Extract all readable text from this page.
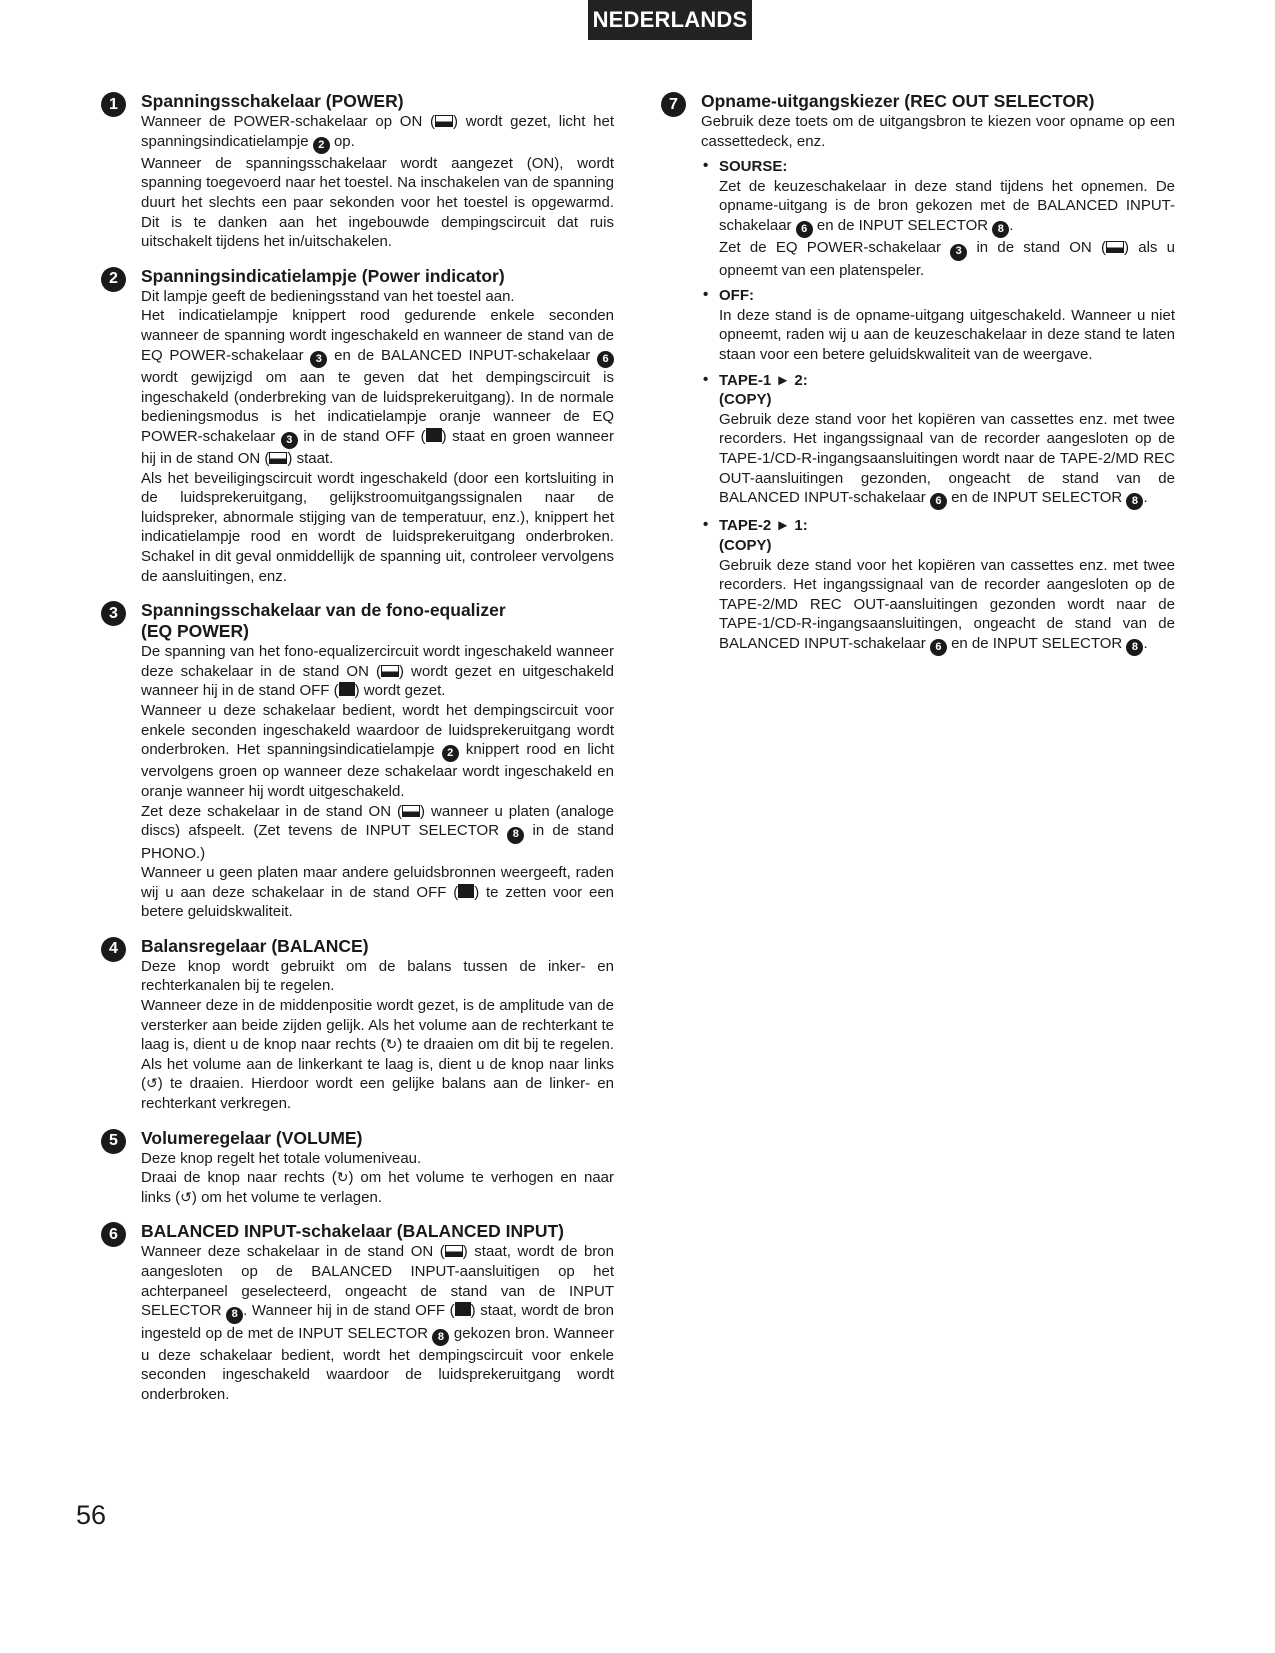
NEDERLANDS
1	Spanningsschakelaar (POWER)

Wanneer de POWER-schakelaar op ON ( ) wordt gezet, licht het spanningsindicatielampje 2 op.
Wanneer de spanningsschakelaar wordt aangezet (ON), wordt spanning toegevoerd naar het toestel. Na inschakelen van de spanning duurt het slechts een paar sekonden voor het toestel is opgewarmd. Dit is te danken aan het ingebouwde dempingscircuit dat ruis uitschakelt tijdens het in/uitschakelen.

2	Spanningsindicatielampje (Power indicator)

Dit lampje geeft de bedieningsstand van het toestel aan.
Het indicatielampje knippert rood gedurende enkele seconden wanneer de spanning wordt ingeschakeld en wanneer de stand van de EQ POWER-schakelaar 3 en de BALANCED INPUT-schakelaar 6 wordt gewijzigd om aan te geven dat het dempingscircuit is ingeschakeld (onderbreking van de luidsprekeruitgang). In de normale bedieningsmodus is het indicatielampje oranje wanneer de EQ POWER-schakelaar 3 in de stand OFF ( ) staat en groen wanneer hij in de stand ON ( ) staat.
Als het beveiligingscircuit wordt ingeschakeld (door een kortsluiting in de luidsprekeruitgang, gelijkstroomuitgangssignalen naar de luidspreker, abnormale stijging van de temperatuur, enz.), knippert het indicatielampje rood en wordt de luidsprekeruitgang onderbroken. Schakel in dit geval onmiddellijk de spanning uit, controleer vervolgens de aansluitingen, enz.

3	Spanningsschakelaar van de fono-equalizer

(EQ POWER)

De spanning van het fono-equalizercircuit wordt ingeschakeld wanneer deze schakelaar in de stand ON ( ) wordt gezet en uitgeschakeld wanneer hij in de stand OFF ( ) wordt gezet.
Wanneer u deze schakelaar bedient, wordt het dempingscircuit voor enkele seconden ingeschakeld waardoor de luidsprekeruitgang wordt onderbroken. Het spanningsindicatielampje 2 knippert rood en licht vervolgens groen op wanneer deze schakelaar wordt ingeschakeld en oranje wanneer hij wordt uitgeschakeld.
Zet deze schakelaar in de stand ON ( ) wanneer u platen (analoge discs) afspeelt. (Zet tevens de INPUT SELECTOR 8 in de stand PHONO.)
Wanneer u geen platen maar andere geluidsbronnen weergeeft, raden wij u aan deze schakelaar in de stand OFF ( ) te zetten voor een betere geluidskwaliteit.

4	Balansregelaar (BALANCE)

Deze knop wordt gebruikt om de balans tussen de inker- en rechterkanalen bij te regelen.
Wanneer deze in de middenpositie wordt gezet, is de amplitude van de versterker aan beide zijden gelijk. Als het volume aan de rechterkant te laag is, dient u de knop naar rechts (↻) te draaien om dit bij te regelen. Als het volume aan de linkerkant te laag is, dient u de knop naar links (↺) te draaien. Hierdoor wordt een gelijke balans aan de linker- en rechterkant verkregen.

5	Volumeregelaar (VOLUME)

Deze knop regelt het totale volumeniveau.
Draai de knop naar rechts (↻) om het volume te verhogen en naar links (↺) om het volume te verlagen.

6	BALANCED INPUT-schakelaar (BALANCED INPUT)

Wanneer deze schakelaar in de stand ON ( ) staat, wordt de bron aangesloten op de BALANCED INPUT-aansluitigen op het achterpaneel geselecteerd, ongeacht de stand van de INPUT SELECTOR 8 . Wanneer hij in de stand OFF ( ) staat, wordt de bron ingesteld op de met de INPUT SELECTOR 8 gekozen bron. Wanneer u deze schakelaar bedient, wordt het dempingscircuit voor enkele seconden ingeschakeld waardoor de luidsprekeruitgang wordt onderbroken.

7	Opname-uitgangskiezer (REC OUT SELECTOR)

Gebruik deze toets om de uitgangsbron te kiezen voor opname op een cassettedeck, enz.

• SOURSE:

Zet de keuzeschakelaar in deze stand tijdens het opnemen. De opname-uitgang is de bron gekozen met de BALANCED INPUT-schakelaar 6 en de INPUT SELECTOR 8 .
Zet de EQ POWER-schakelaar 3 in de stand ON ( ) als u opneemt van een platenspeler.

• OFF:

In deze stand is de opname-uitgang uitgeschakeld. Wanneer u niet opneemt, raden wij u aan de keuzeschakelaar in deze stand te laten staan voor een betere geluidskwaliteit van de weergave.

• TAPE-1 ► 2:

(COPY)

Gebruik deze stand voor het kopiëren van cassettes enz. met twee recorders. Het ingangssignaal van de recorder aangesloten op de TAPE-1/CD-R-ingangsaansluitingen wordt naar de TAPE-2/MD REC OUT-aansluitingen gezonden, ongeacht de stand van de BALANCED INPUT-schakelaar 6 en de INPUT SELECTOR 8 .

• TAPE-2 ► 1:

(COPY)

Gebruik deze stand voor het kopiëren van cassettes enz. met twee recorders. Het ingangssignaal van de recorder aangesloten op de TAPE-2/MD REC OUT-aansluitingen gezonden wordt naar de TAPE-1/CD-R-ingangsaansluitingen, ongeacht de stand van de BALANCED INPUT-schakelaar 6 en de INPUT SELECTOR 8 .

56
